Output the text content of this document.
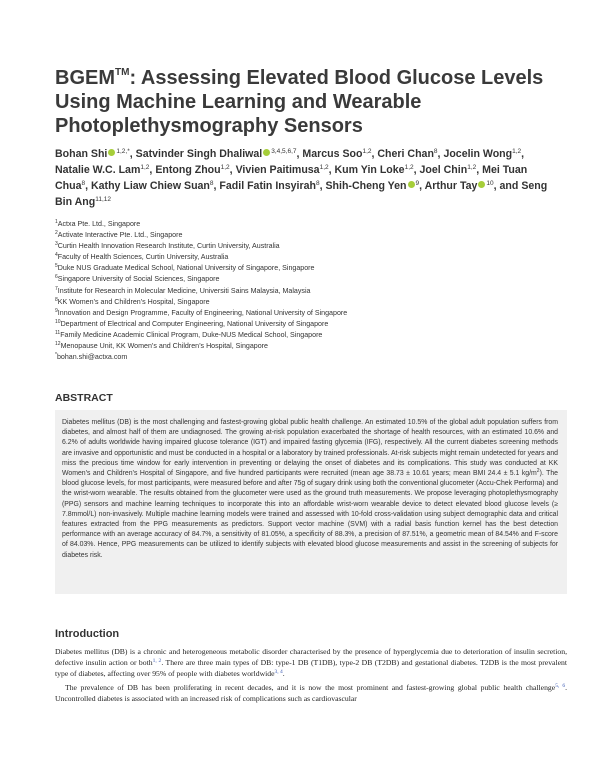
BGEM™: Assessing Elevated Blood Glucose Levels Using Machine Learning and Wearable Photoplethysmography Sensors
Bohan Shi $^{1,2,*}$, Satvinder Singh Dhaliwal $^{3,4,5,6,7}$, Marcus Soo$^{1,2}$, Cheri Chan$^8$, Jocelin Wong$^{1,2}$, Natalie W.C. Lam$^{1,2}$, Entong Zhou$^{1,2}$, Vivien Paitimusa$^{1,2}$, Kum Yin Loke$^{1,2}$, Joel Chin$^{1,2}$, Mei Tuan Chua$^8$, Kathy Liaw Chiew Suan$^8$, Fadil Fatin Insyirah$^8$, Shih-Cheng Yen $^9$, Arthur Tay $^{10}$, and Seng Bin Ang$^{11,12}$
$^1$Actxa Pte. Ltd., Singapore
$^2$Activate Interactive Pte. Ltd., Singapore
$^3$Curtin Health Innovation Research Institute, Curtin University, Australia
$^4$Faculty of Health Sciences, Curtin University, Australia
$^5$Duke NUS Graduate Medical School, National University of Singapore, Singapore
$^6$Singapore University of Social Sciences, Singapore
$^7$Institute for Research in Molecular Medicine, Universiti Sains Malaysia, Malaysia
$^8$KK Women’s and Children’s Hospital, Singapore
$^9$Innovation and Design Programme, Faculty of Engineering, National University of Singapore
$^{10}$Department of Electrical and Computer Engineering, National University of Singapore
$^{11}$Family Medicine Academic Clinical Program, Duke-NUS Medical School, Singapore
$^{12}$Menopause Unit, KK Women’s and Children’s Hospital, Singapore
*bohan.shi@actxa.com
ABSTRACT

Diabetes mellitus (DB) is the most challenging and fastest-growing global public health challenge. An estimated 10.5% of the global adult population suffers from diabetes, and almost half of them are undiagnosed. The growing at-risk population exacerbated the shortage of health resources, with an estimated 10.6% and 6.2% of adults worldwide having impaired glucose tolerance (IGT) and impaired fasting glycemia (IFG), respectively. All the current diabetes screening methods are invasive and opportunistic and must be conducted in a hospital or a laboratory by trained professionals. At-risk subjects might remain undetected for years and miss the precious time window for early intervention in preventing or delaying the onset of diabetes and its complications. This study was conducted at KK Women’s and Children’s Hospital of Singapore, and five hundred participants were recruited (mean age 38.73 ± 10.61 years; mean BMI 24.4 ± 5.1 $kg/m^2$). The blood glucose levels, for most participants, were measured before and after 75g of sugary drink using both the conventional glucometer (Accu-Chek Performa) and the wrist-worn wearable. The results obtained from the glucometer were used as the ground truth measurements. We propose leveraging photoplethysmography (PPG) sensors and machine learning techniques to incorporate this into an affordable wrist-worn wearable device to detect elevated blood glucose levels (≥ 7.8mmol/L) non-invasively. Multiple machine learning models were trained and assessed with 10-fold cross-validation using subject demographic data and critical features extracted from the PPG measurements as predictors. Support vector machine (SVM) with a radial basis function kernel has the best detection performance with an average accuracy of 84.7%, a sensitivity of 81.05%, a specificity of 88.3%, a precision of 87.51%, a geometric mean of 84.54% and F-score of 84.03%. Hence, PPG measurements can be utilized to identify subjects with elevated blood glucose measurements and assist in the screening of subjects for diabetes risk.

Introduction

Diabetes mellitus (DB) is a chronic and heterogeneous metabolic disorder characterised by the presence of hyperglycemia due to deterioration of insulin secretion, defective insulin action or both$^{1, 2}$. There are three main types of DB: type-1 DB (T1DB), type-2 DB (T2DB) and gestational diabetes. T2DB is the most prevalent type of diabetes, affecting over 95% of people with diabetes worldwide$^{3, 4}$.

The prevalence of DB has been proliferating in recent decades, and it is now the most prominent and fastest-growing global public health challenge$^{5, 6}$. Uncontrolled diabetes is associated with an increased risk of complications such as cardiovascular
